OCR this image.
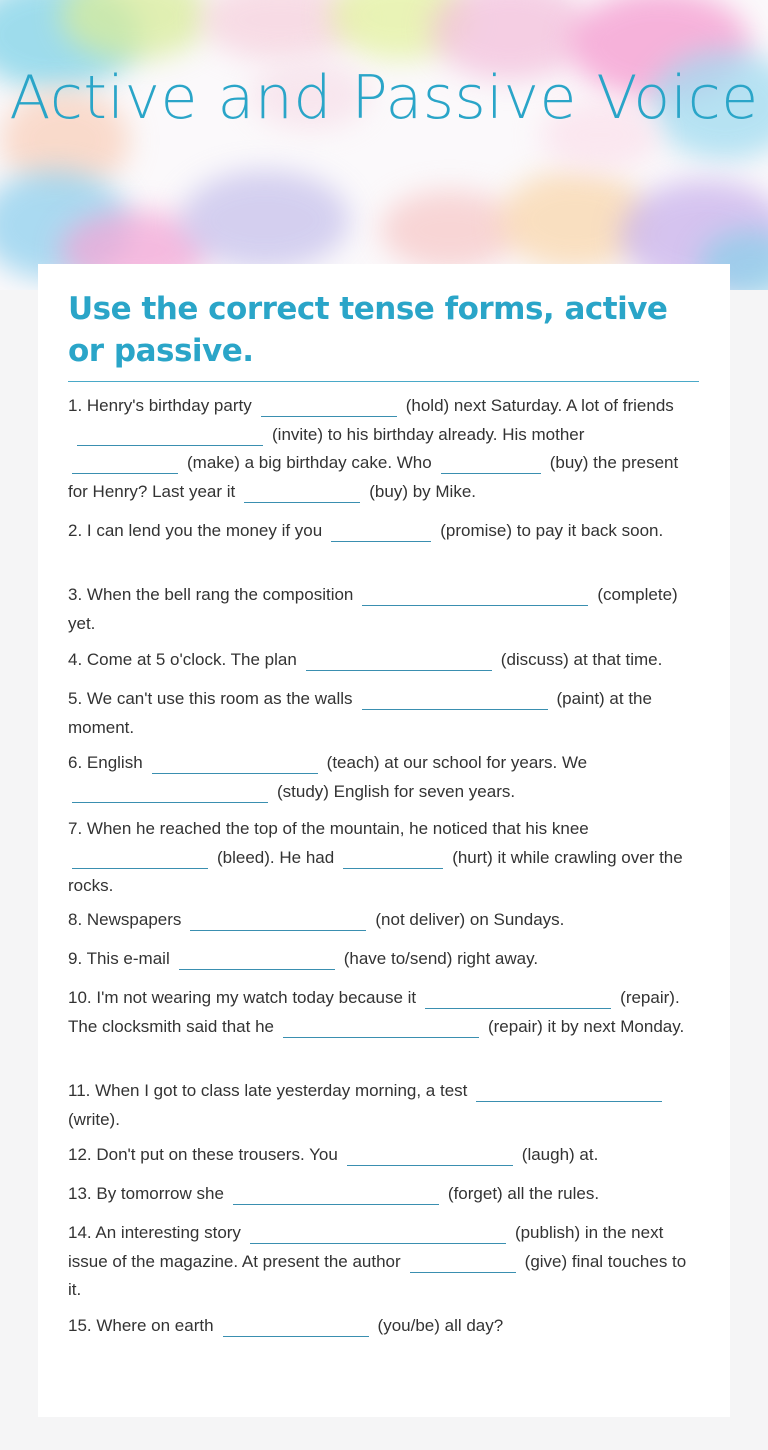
Active and Passive Voice
Use the correct tense forms, active or passive.
1. Henry's birthday party	(hold) next Saturday. A lot of friends(invite) to his birthday already. His mother(make) a big birthday cake. Who	(buy) the present for Henry? Last year it	(buy) by Mike.
2. I can lend you the money if you	(promise) to pay it back soon.
3. When the bell rang the composition	(complete) yet.
4. Come at 5 o'clock. The plan	(discuss) at that time.
5. We can't use this room as the walls	(paint) at the moment.
6. English	(teach) at our school for years. We(study) English for seven years.
7. When he reached the top of the mountain, he noticed that his knee(bleed). He had	(hurt) it while crawling over the rocks.
8. Newspapers	(not deliver) on Sundays.
9. This e-mail	(have to/send) right away.
10. I'm not wearing my watch today because it	(repair). The clocksmith said that he	(repair) it by next Monday.
11. When I got to class late yesterday morning, a test(write).
12. Don't put on these trousers. You	(laugh) at.
13. By tomorrow she	(forget) all the rules.
14. An interesting story	(publish) in the next issue of the magazine. At present the author	(give) final touches to it.
15. Where on earth	(you/be) all day?
